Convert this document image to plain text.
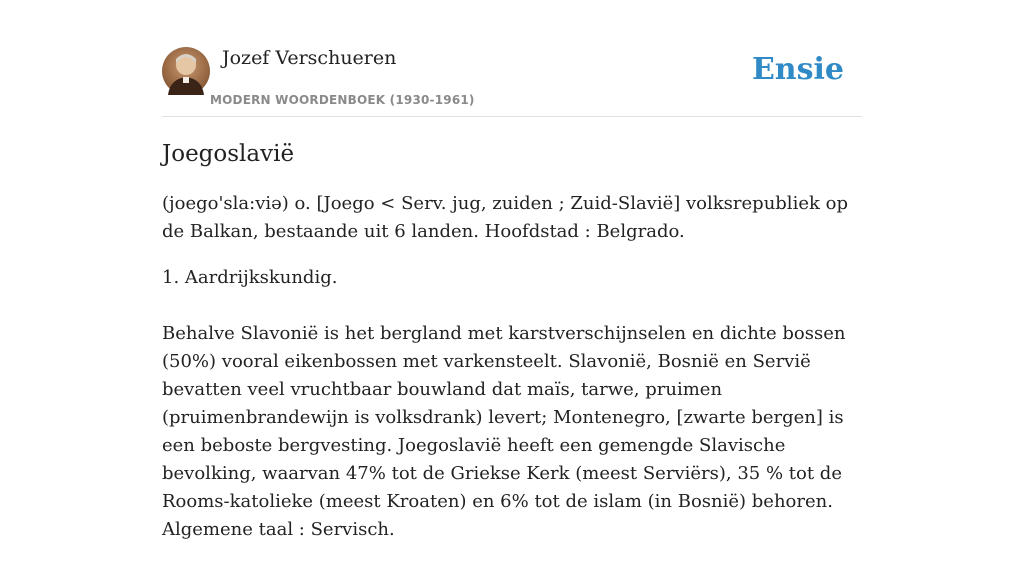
Jozef Verschueren
MODERN WOORDENBOEK (1930-1961)
Ensie
Joegoslavië

(joego'sla:viə) o. [Joego < Serv. jug, zuiden ; Zuid-Slavië] volksrepubliek op de Balkan, bestaande uit 6 landen. Hoofdstad : Belgrado.

1. Aardrijkskundig.

Behalve Slavonië is het bergland met karstverschijnselen en dichte bossen (50%) vooral eikenbossen met varkensteelt. Slavonië, Bosnië en Servië bevatten veel vruchtbaar bouwland dat maïs, tarwe, pruimen (pruimenbrandewijn is volksdrank) levert; Montenegro, [zwarte bergen] is een beboste bergvesting. Joegoslavië heeft een gemengde Slavische bevolking, waarvan 47% tot de Griekse Kerk (meest Serviërs), 35 % tot de Rooms-katolieke (meest Kroaten) en 6% tot de islam (in Bosnië) behoren. Algemene taal : Servisch.
